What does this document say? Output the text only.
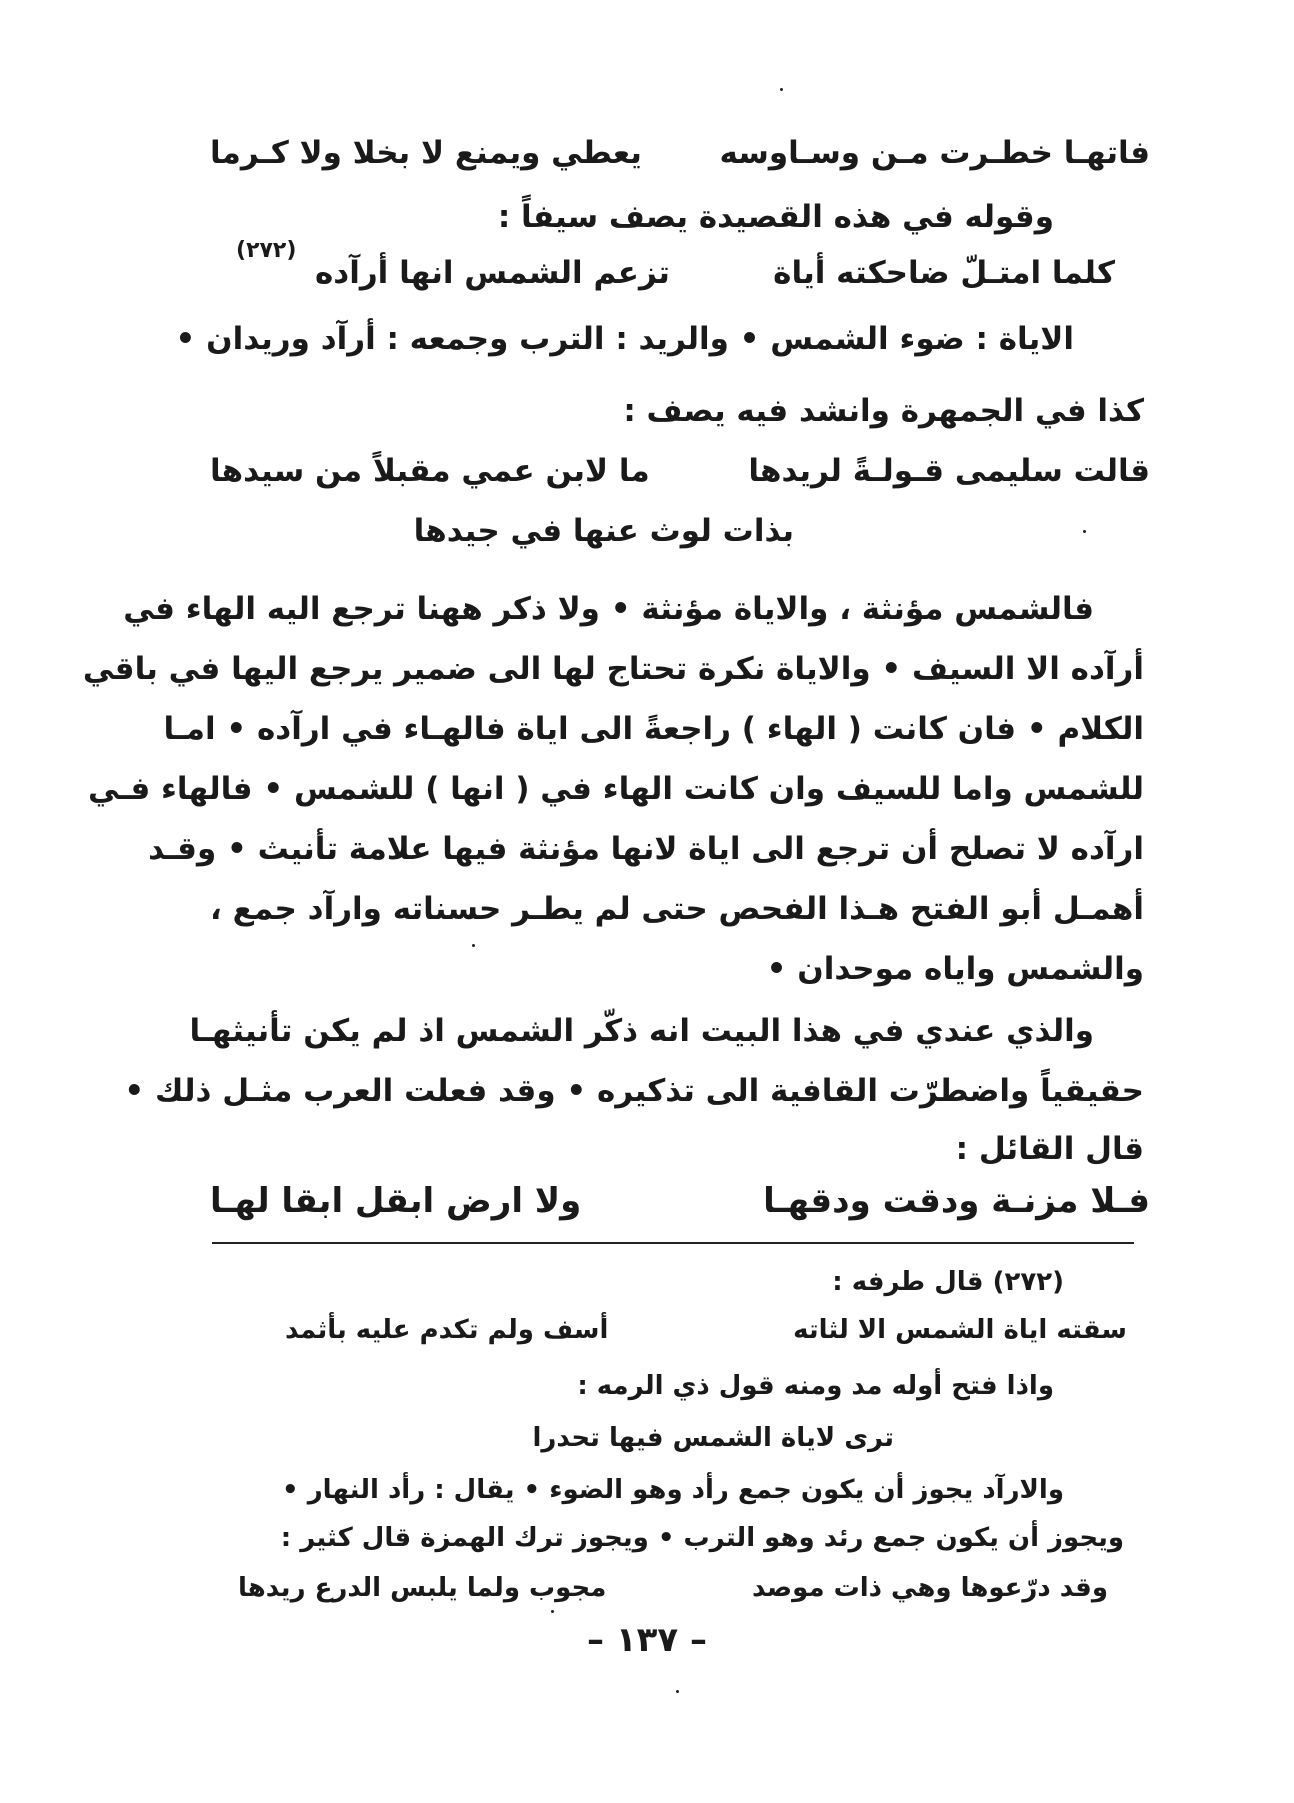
فاتهـا خطـرت مـن وسـاوسه
يعطي ويمنع لا بخلا ولا كـرما
وقوله في هذه القصيدة يصف سيفاً :
كلما امتـلّ ضاحكته أياة
تزعم الشمس انها أرآده
(٢٧٢)
الاياة : ضوء الشمس • والريد : الترب وجمعه : أرآد وريدان •
كذا في الجمهرة وانشد فيه يصف :
قالت سليمى قـولـةً لريدها
ما لابن عمي مقبلاً من سيدها
بذات لوث عنها في جيدها
فالشمس مؤنثة ، والاياة مؤنثة • ولا ذكر ههنا ترجع اليه الهاء في
أرآده الا السيف • والاياة نكرة تحتاج لها الى ضمير يرجع اليها في باقي
الكلام • فان كانت ( الهاء ) راجعةً الى اياة فالهـاء في ارآده • امـا
للشمس واما للسيف وان كانت الهاء في ( انها ) للشمس • فالهاء فـي
ارآده لا تصلح أن ترجع الى اياة لانها مؤنثة فيها علامة تأنيث • وقـد
أهمـل أبو الفتح هـذا الفحص حتى لم يطـر حسناته وارآد جمع ،
والشمس واياه موحدان •
والذي عندي في هذا البيت انه ذكّر الشمس اذ لم يكن تأنيثهـا
حقيقياً واضطرّت القافية الى تذكيره • وقد فعلت العرب مثـل ذلك •
قال القائل :
فـلا مزنـة ودقت ودقهـا
ولا ارض ابقل ابقا لهـا
(٢٧٢) قال طرفه :
سقته اياة الشمس الا لثاته
أسف ولم تكدم عليه بأثمد
واذا فتح أوله مد ومنه قول ذي الرمه :
ترى لاياة الشمس فيها تحدرا
والارآد يجوز أن يكون جمع رأد وهو الضوء • يقال : رأد النهار •
ويجوز أن يكون جمع رئد وهو الترب • ويجوز ترك الهمزة قال كثير :
وقد درّعوها وهي ذات موصد
مجوب ولما يلبس الدرع ريدها
– ١٣٧ –
